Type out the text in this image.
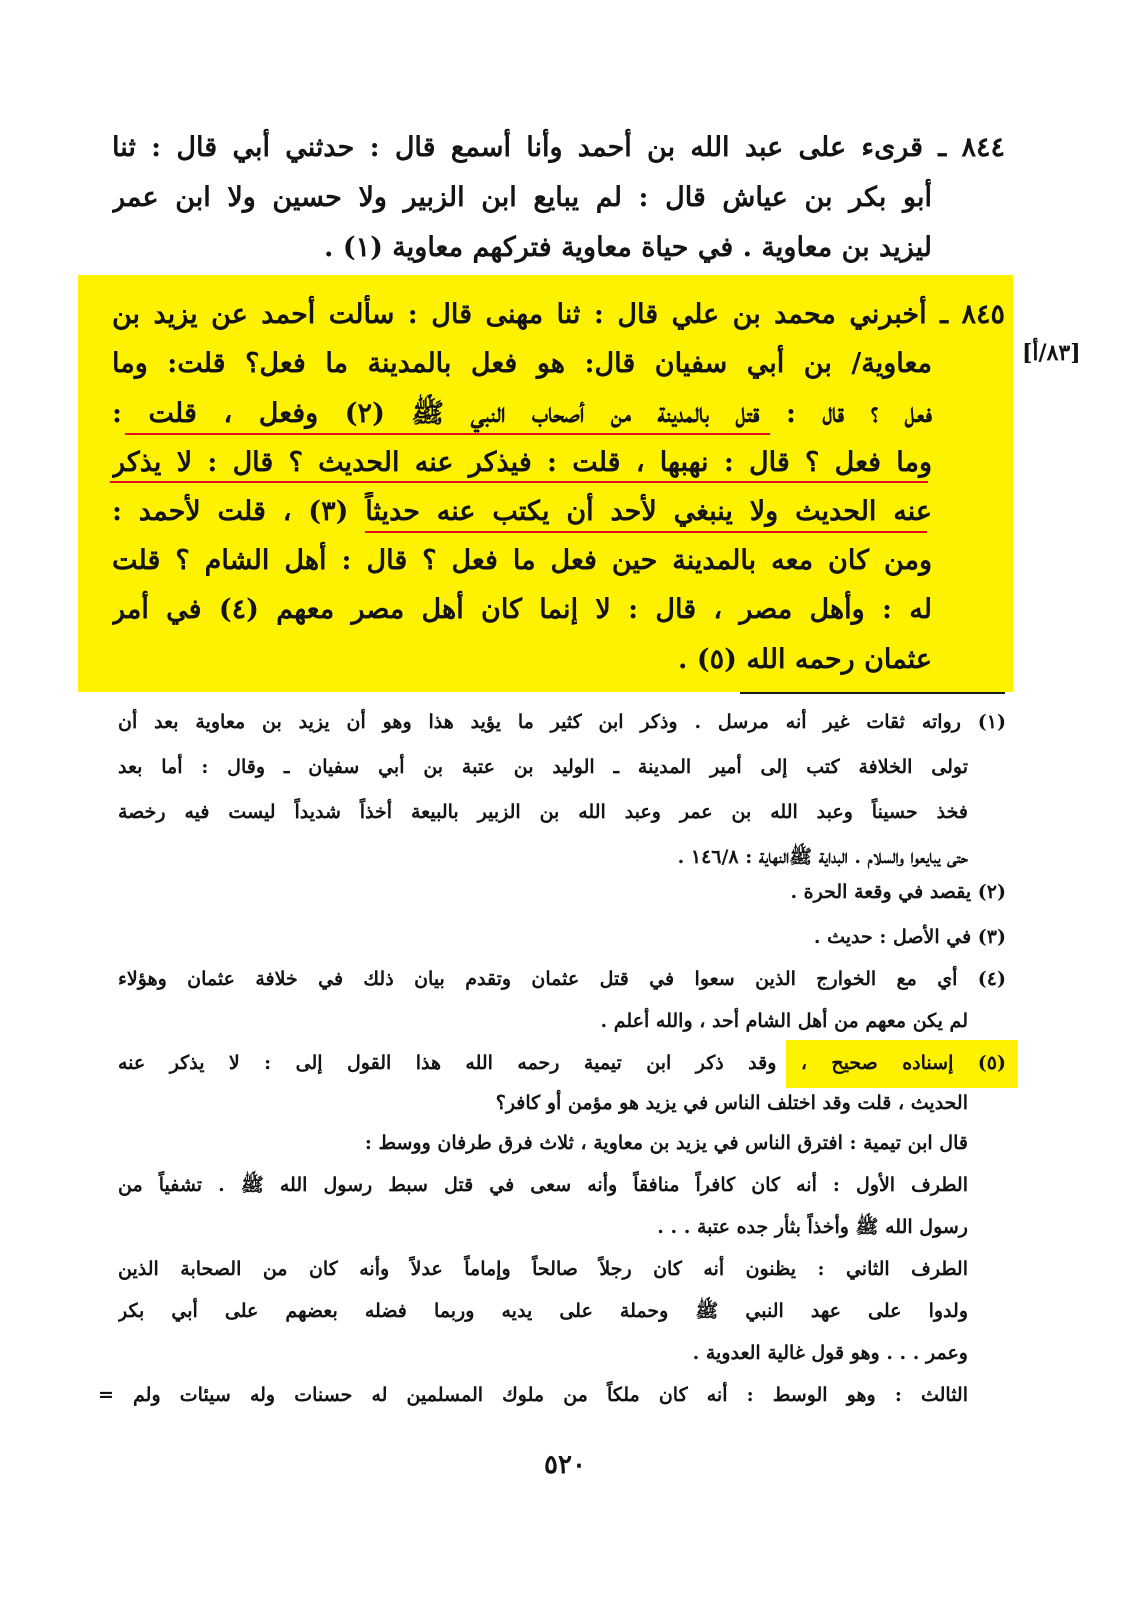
٨٤٤ ـ قرىء على عبد الله بن أحمد وأنا أسمع قال : حدثني أبي قال : ثنا
أبو بكر بن عياش قال : لم يبايع ابن الزبير ولا حسين ولا ابن عمر
ليزيد بن معاوية . في حياة معاوية فتركهم معاوية (١) .
٨٤٥ ـ أخبرني محمد بن علي قال : ثنا مهنى قال : سألت أحمد عن يزيد بن
معاوية/ بن أبي سفيان قال: هو فعل بالمدينة ما فعل؟ قلت: وما
فعل ؟ قال : قتل بالمدينة من أصحاب النبي ﷺ (٢) وفعل ، قلت :
وما فعل ؟ قال : نهبها ، قلت : فيذكر عنه الحديث ؟ قال : لا يذكر
عنه الحديث ولا ينبغي لأحد أن يكتب عنه حديثاً (٣) ، قلت لأحمد :
ومن كان معه بالمدينة حين فعل ما فعل ؟ قال : أهل الشام ؟ قلت
له : وأهل مصر ، قال : لا إنما كان أهل مصر معهم (٤) في أمر
عثمان رحمه الله (٥) .
[٨٣/أ]
(١) رواته ثقات غير أنه مرسل . وذكر ابن كثير ما يؤيد هذا وهو أن يزيد بن معاوية بعد أن
تولى الخلافة كتب إلى أمير المدينة ـ الوليد بن عتبة بن أبي سفيان ـ وقال : أما بعد
فخذ حسيناً وعبد الله بن عمر وعبد الله بن الزبير بالبيعة أخذاً شديداً ليست فيه رخصة
حتى يبايعوا والسلام . البداية ﷺالنهاية : ١٤٦/٨ .
(٢) يقصد في وقعة الحرة .
(٣) في الأصل : حديث .
(٤) أي مع الخوارج الذين سعوا في قتل عثمان وتقدم بيان ذلك في خلافة عثمان وهؤلاء
لم يكن معهم من أهل الشام أحد ، والله أعلم .
(٥) إسناده صحيح ، وقد ذكر ابن تيمية رحمه الله هذا القول إلى : لا يذكر عنه
الحديث ، قلت وقد اختلف الناس في يزيد هو مؤمن أو كافر؟
قال ابن تيمية : افترق الناس في يزيد بن معاوية ، ثلاث فرق طرفان ووسط :
الطرف الأول : أنه كان كافراً منافقاً وأنه سعى في قتل سبط رسول الله ﷺ . تشفياً من
رسول الله ﷺ وأخذاً بثأر جده عتبة . . .
الطرف الثاني : يظنون أنه كان رجلاً صالحاً وإماماً عدلاً وأنه كان من الصحابة الذين
ولدوا على عهد النبي ﷺ وحملة على يديه وربما فضله بعضهم على أبي بكر
وعمر . . . وهو قول غالية العدوية .
الثالث : وهو الوسط : أنه كان ملكاً من ملوك المسلمين له حسنات وله سيئات ولم =
٥٢٠
